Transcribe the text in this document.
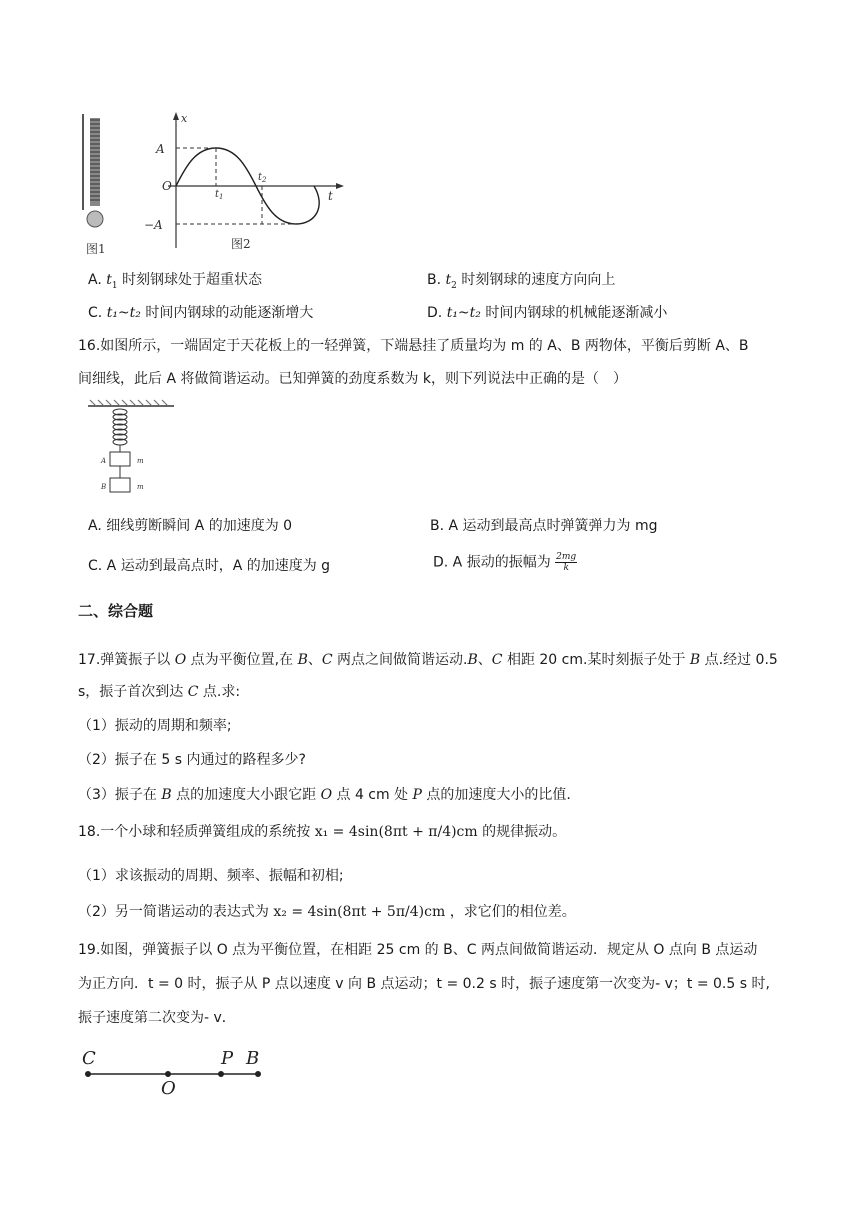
图1
x
A
O
−A
t
$t_1$
$t_2$
图2
A. $t_1$ 时刻钢球处于超重状态	B. $t_2$ 时刻钢球的速度方向向上
C. t₁~t₂ 时间内钢球的动能逐渐增大	D. t₁~t₂ 时间内钢球的机械能逐渐减小
16.如图所示，一端固定于天花板上的一轻弹簧，下端悬挂了质量均为 m 的 A、B 两物体，平衡后剪断 A、B
间细线，此后 A 将做简谐运动。已知弹簧的劲度系数为 k，则下列说法中正确的是（　）
A	m
B	m
A. 细线剪断瞬间 A 的加速度为 0	B. A 运动到最高点时弹簧弹力为 mg
C. A 运动到最高点时，A 的加速度为 g	D. A 振动的振幅为 $\frac{2mg}{k}$
二、综合题
17.弹簧振子以 O 点为平衡位置,在 B、C 两点之间做简谐运动.B、C 相距 20 cm.某时刻振子处于 B 点.经过 0.5
s，振子首次到达 C 点.求:
（1）振动的周期和频率;
（2）振子在 5 s 内通过的路程多少?
（3）振子在 B 点的加速度大小跟它距 O 点 4 cm 处 P 点的加速度大小的比值.
18.一个小球和轻质弹簧组成的系统按 x₁ = 4sin(8πt + π/4)cm 的规律振动。
（1）求该振动的周期、频率、振幅和初相;
（2）另一简谐运动的表达式为 x₂ = 4sin(8πt + 5π/4)cm ，求它们的相位差。
19.如图，弹簧振子以 O 点为平衡位置，在相距 25 cm 的 B、C 两点间做简谐运动．规定从 O 点向 B 点运动
为正方向．t = 0 时，振子从 P 点以速度 v 向 B 点运动；t = 0.2 s 时，振子速度第一次变为- v；t = 0.5 s 时,
振子速度第二次变为- v．
C
O
P B
